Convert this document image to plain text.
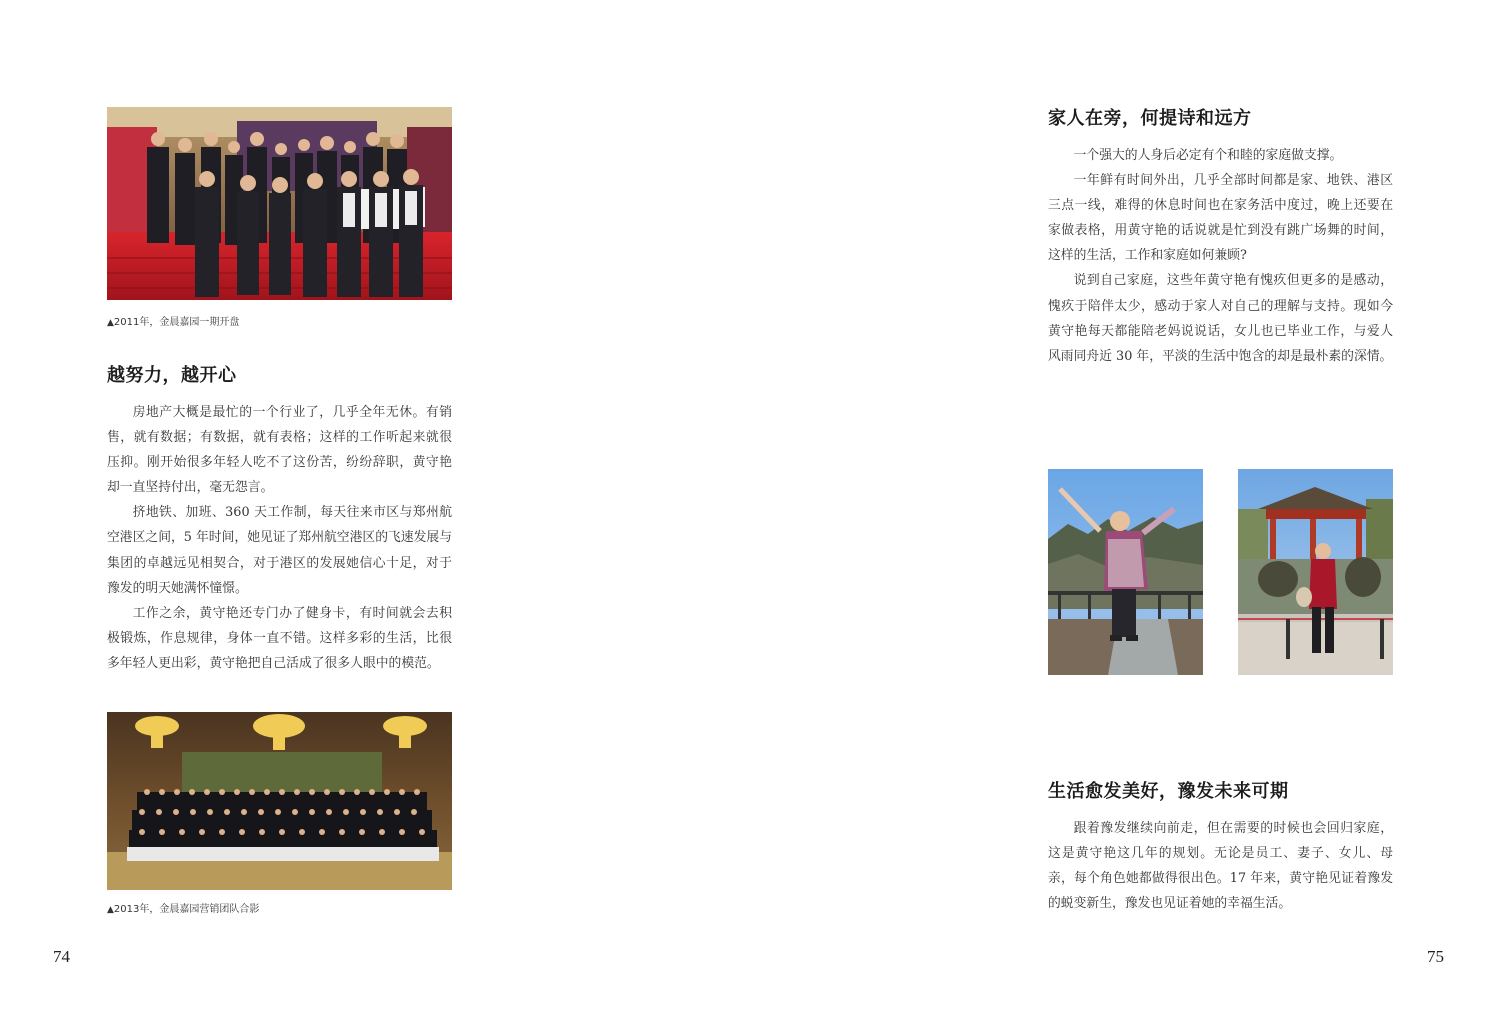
▲2011年，金晨嘉园一期开盘
越努力，越开心

房地产大概是最忙的一个行业了，几乎全年无休。有销售，就有数据；有数据，就有表格；这样的工作听起来就很压抑。刚开始很多年轻人吃不了这份苦，纷纷辞职，黄守艳却一直坚持付出，毫无怨言。

挤地铁、加班、360 天工作制，每天往来市区与郑州航空港区之间，5 年时间，她见证了郑州航空港区的飞速发展与集团的卓越远见相契合，对于港区的发展她信心十足，对于豫发的明天她满怀憧憬。

工作之余，黄守艳还专门办了健身卡，有时间就会去积极锻炼，作息规律，身体一直不错。这样多彩的生活，比很多年轻人更出彩，黄守艳把自己活成了很多人眼中的模范。

▲2013年，金晨嘉园营销团队合影
74
家人在旁，何提诗和远方

一个强大的人身后必定有个和睦的家庭做支撑。

一年鲜有时间外出，几乎全部时间都是家、地铁、港区三点一线，难得的休息时间也在家务活中度过，晚上还要在家做表格，用黄守艳的话说就是忙到没有跳广场舞的时间，这样的生活，工作和家庭如何兼顾?

说到自己家庭，这些年黄守艳有愧疚但更多的是感动，愧疚于陪伴太少，感动于家人对自己的理解与支持。现如今黄守艳每天都能陪老妈说说话，女儿也已毕业工作，与爱人风雨同舟近 30 年，平淡的生活中饱含的却是最朴素的深情。

生活愈发美好，豫发未来可期

跟着豫发继续向前走，但在需要的时候也会回归家庭，这是黄守艳这几年的规划。无论是员工、妻子、女儿、母亲，每个角色她都做得很出色。17 年来，黄守艳见证着豫发的蜕变新生，豫发也见证着她的幸福生活。

75
